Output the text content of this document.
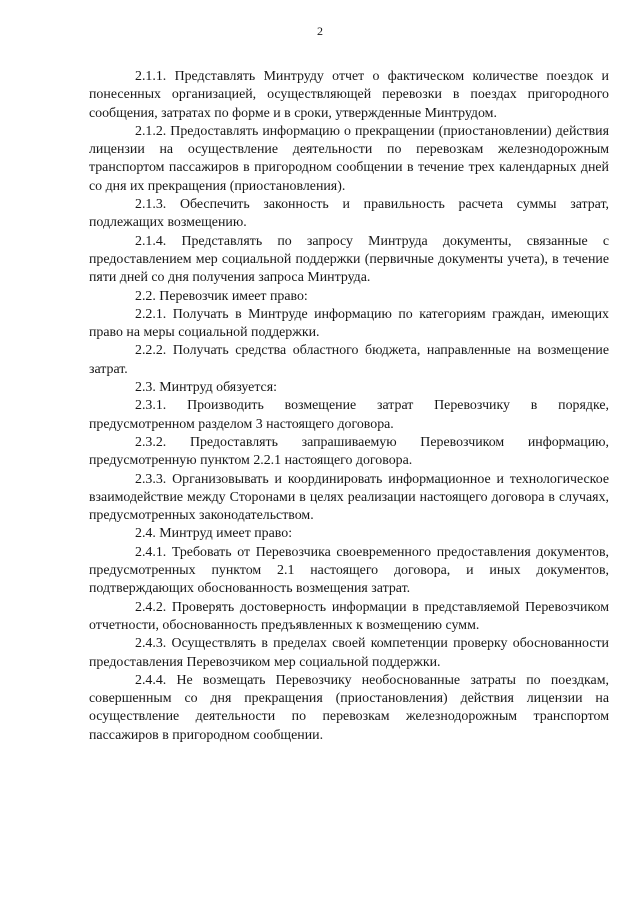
2

2.1.1. Представлять Минтруду отчет о фактическом количестве поездок и понесенных организацией, осуществляющей перевозки в поездах пригородного сообщения, затратах по форме и в сроки, утвержденные Минтрудом.

2.1.2. Предоставлять информацию о прекращении (приостановлении) действия лицензии на осуществление деятельности по перевозкам железнодорожным транспортом пассажиров в пригородном сообщении в течение трех календарных дней со дня их прекращения (приостановления).

2.1.3. Обеспечить законность и правильность расчета суммы затрат, подлежащих возмещению.

2.1.4. Представлять по запросу Минтруда документы, связанные с предоставлением мер социальной поддержки (первичные документы учета), в течение пяти дней со дня получения запроса Минтруда.

2.2. Перевозчик имеет право:

2.2.1. Получать в Минтруде информацию по категориям граждан, имеющих право на меры социальной поддержки.

2.2.2. Получать средства областного бюджета, направленные на возмещение затрат.

2.3. Минтруд обязуется:

2.3.1. Производить возмещение затрат Перевозчику в порядке, предусмотренном разделом 3 настоящего договора.

2.3.2. Предоставлять запрашиваемую Перевозчиком информацию, предусмотренную пунктом 2.2.1 настоящего договора.

2.3.3. Организовывать и координировать информационное и технологическое взаимодействие между Сторонами в целях реализации настоящего договора в случаях, предусмотренных законодательством.

2.4. Минтруд имеет право:

2.4.1. Требовать от Перевозчика своевременного предоставления документов, предусмотренных пунктом 2.1 настоящего договора, и иных документов, подтверждающих обоснованность возмещения затрат.

2.4.2. Проверять достоверность информации в представляемой Перевозчиком отчетности, обоснованность предъявленных к возмещению сумм.

2.4.3. Осуществлять в пределах своей компетенции проверку обоснованности предоставления Перевозчиком мер социальной поддержки.

2.4.4. Не возмещать Перевозчику необоснованные затраты по поездкам, совершенным со дня прекращения (приостановления) действия лицензии на осуществление деятельности по перевозкам железнодорожным транспортом пассажиров в пригородном сообщении.
